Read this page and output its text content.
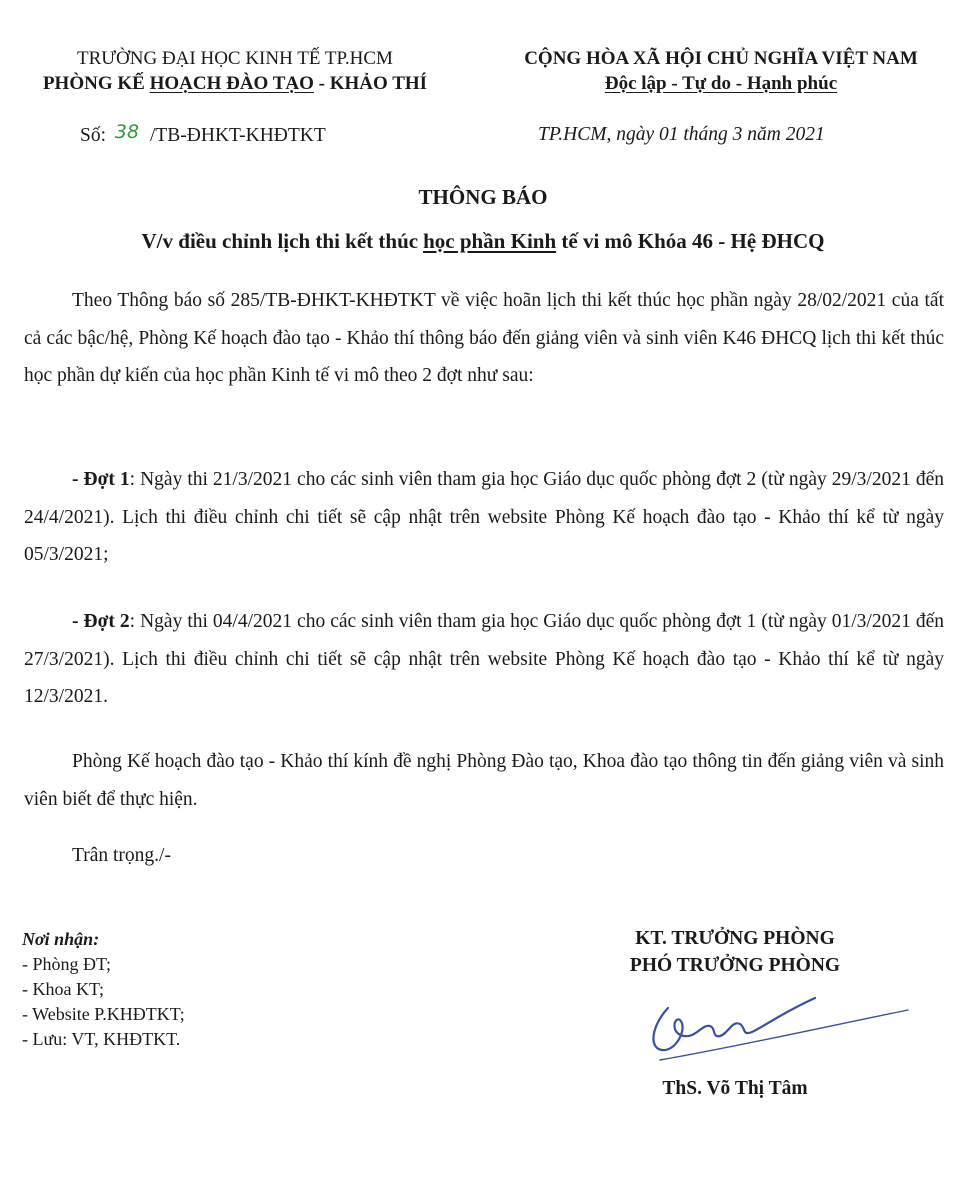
TRƯỜNG ĐẠI HỌC KINH TẾ TP.HCM
PHÒNG KẾ HOẠCH ĐÀO TẠO - KHẢO THÍ
CỘNG HÒA XÃ HỘI CHỦ NGHĨA VIỆT NAM
Độc lập - Tự do - Hạnh phúc
Số: 38 /TB-ĐHKT-KHĐTKT	TP.HCM, ngày 01 tháng 3 năm 2021
THÔNG BÁO
V/v điều chỉnh lịch thi kết thúc học phần Kinh tế vi mô Khóa 46 - Hệ ĐHCQ
Theo Thông báo số 285/TB-ĐHKT-KHĐTKT về việc hoãn lịch thi kết thúc học phần ngày 28/02/2021 của tất cả các bậc/hệ, Phòng Kế hoạch đào tạo - Khảo thí thông báo đến giảng viên và sinh viên K46 ĐHCQ lịch thi kết thúc học phần dự kiến của học phần Kinh tế vi mô theo 2 đợt như sau:
- Đợt 1: Ngày thi 21/3/2021 cho các sinh viên tham gia học Giáo dục quốc phòng đợt 2 (từ ngày 29/3/2021 đến 24/4/2021). Lịch thi điều chỉnh chi tiết sẽ cập nhật trên website Phòng Kế hoạch đào tạo - Khảo thí kể từ ngày 05/3/2021;
- Đợt 2: Ngày thi 04/4/2021 cho các sinh viên tham gia học Giáo dục quốc phòng đợt 1 (từ ngày 01/3/2021 đến 27/3/2021). Lịch thi điều chỉnh chi tiết sẽ cập nhật trên website Phòng Kế hoạch đào tạo - Khảo thí kể từ ngày 12/3/2021.
Phòng Kế hoạch đào tạo - Khảo thí kính đề nghị Phòng Đào tạo, Khoa đào tạo thông tin đến giảng viên và sinh viên biết để thực hiện.
Trân trọng./-
Nơi nhận:
- Phòng ĐT;
- Khoa KT;
- Website P.KHĐTKT;
- Lưu: VT, KHĐTKT.
KT. TRƯỞNG PHÒNG
PHÓ TRƯỞNG PHÒNG
ThS. Võ Thị Tâm
